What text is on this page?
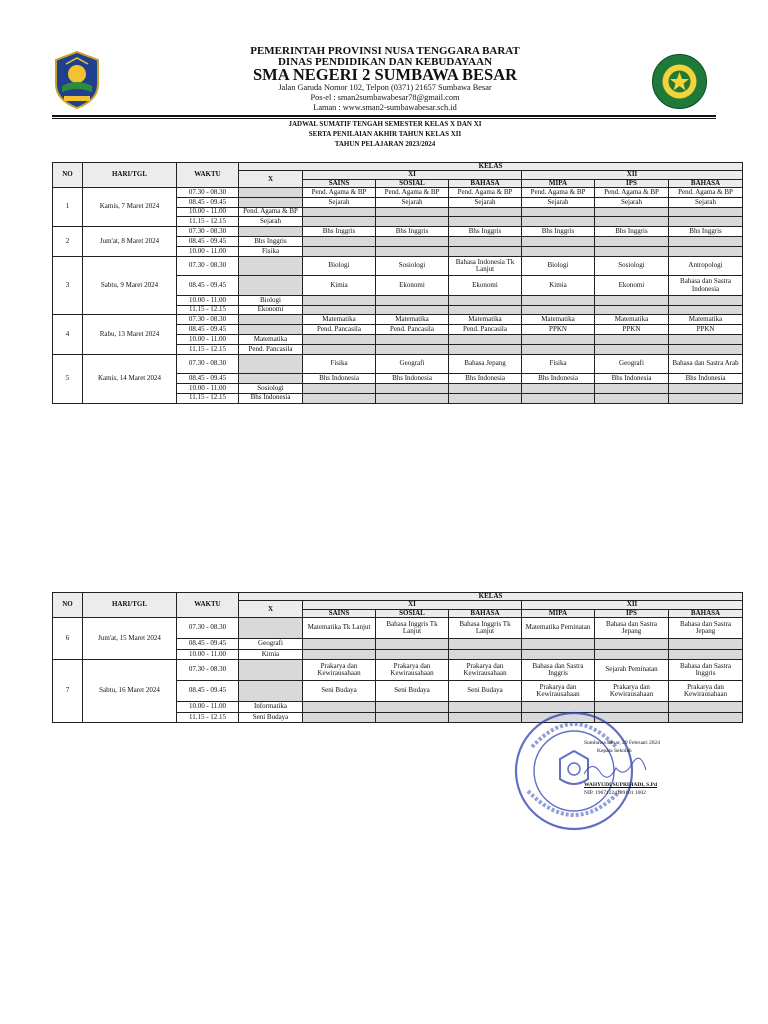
PEMERINTAH PROVINSI NUSA TENGGARA BARAT
DINAS PENDIDIKAN DAN KEBUDAYAAN
SMA NEGERI 2 SUMBAWA BESAR
Jalan Garuda Nomor 102, Telpon (0371) 21657 Sumbawa Besar
Pos-el : sman2sumbawabesar78@gmail.com
Laman : www.sman2-sumbawabesar.sch.id
JADWAL SUMATIF TENGAH SEMESTER KELAS X DAN XI
SERTA PENILAIAN AKHIR TAHUN KELAS XII
TAHUN PELAJARAN 2023/2024
NO	HARI/TGL	WAKTU	KELAS						
			X	XI			XII		
				SAINS	SOSIAL	BAHASA	MIPA	IPS	BAHASA
1	Kamis, 7 Maret 2024	07.30 - 08.30		Pend. Agama & BP	Pend. Agama & BP	Pend. Agama & BP	Pend. Agama & BP	Pend. Agama & BP	Pend. Agama & BP
		08.45 - 09.45		Sejarah	Sejarah	Sejarah	Sejarah	Sejarah	Sejarah
		10.00 - 11.00	Pend. Agama & BP						
		11.15 - 12.15	Sejarah						
2	Jum'at, 8 Maret 2024	07.30 - 08.30		Bhs Inggris	Bhs Inggris	Bhs Inggris	Bhs Inggris	Bhs Inggris	Bhs Inggris
		08.45 - 09.45	Bhs Inggris						
		10.00 - 11.00	Fisika						
3	Sabtu, 9 Maret 2024	07.30 - 08.30		Biologi	Sosiologi	Bahasa Indonesia Tk Lanjut	Biologi	Sosiologi	Antropologi
		08.45 - 09.45		Kimia	Ekonomi	Ekonomi	Kimia	Ekonomi	Bahasa dan Sastra Indonesia
		10.00 - 11.00	Biologi						
		11.15 - 12.15	Ekonomi						
4	Rabu, 13 Maret 2024	07.30 - 08.30		Matematika	Matematika	Matematika	Matematika	Matematika	Matematika
		08.45 - 09.45		Pend. Pancasila	Pend. Pancasila	Pend. Pancasila	PPKN	PPKN	PPKN
		10.00 - 11.00	Matematika						
		11.15 - 12.15	Pend. Pancasila						
5	Kamis, 14 Maret 2024	07.30 - 08.30		Fisika	Geografi	Bahasa Jepang	Fisika	Geografi	Bahasa dan Sastra Arab
		08.45 - 09.45		Bhs Indonesia	Bhs Indonesia	Bhs Indonesia	Bhs Indonesia	Bhs Indonesia	Bhs Indonesia
		10.00 - 11.00	Sosiologi						
		11.15 - 12.15	Bhs Indonesia						
NO	HARI/TGL	WAKTU	KELAS						
			X	XI			XII		
				SAINS	SOSIAL	BAHASA	MIPA	IPS	BAHASA
6	Jum'at, 15 Maret 2024	07.30 - 08.30		Matematika Tk Lanjut	Bahasa Inggris Tk Lanjut	Bahasa Inggris Tk Lanjut	Matematika Peminatan	Bahasa dan Sastra Jepang	Bahasa dan Sastra Jepang
		08.45 - 09.45	Geografi						
		10.00 - 11.00	Kimia						
7	Sabtu, 16 Maret 2024	07.30 - 08.30		Prakarya dan Kewirausahaan	Prakarya dan Kewirausahaan	Prakarya dan Kewirausahaan	Bahasa dan Sastra Inggris	Sejarah Peminatan	Bahasa dan Sastra Inggris
		08.45 - 09.45		Seni Budaya	Seni Budaya	Seni Budaya	Prakarya dan Kewirausahaan	Prakarya dan Kewirausahaan	Prakarya dan Kewirausahaan
		10.00 - 11.00	Informatika						
		11.15 - 12.15	Seni Budaya						
Sumbawa Besar, 29 Februari 2024
Kepala Sekolah
WAHYUDI SUPRIHADI, S.Pd
NIP. 19671224199101 1002
